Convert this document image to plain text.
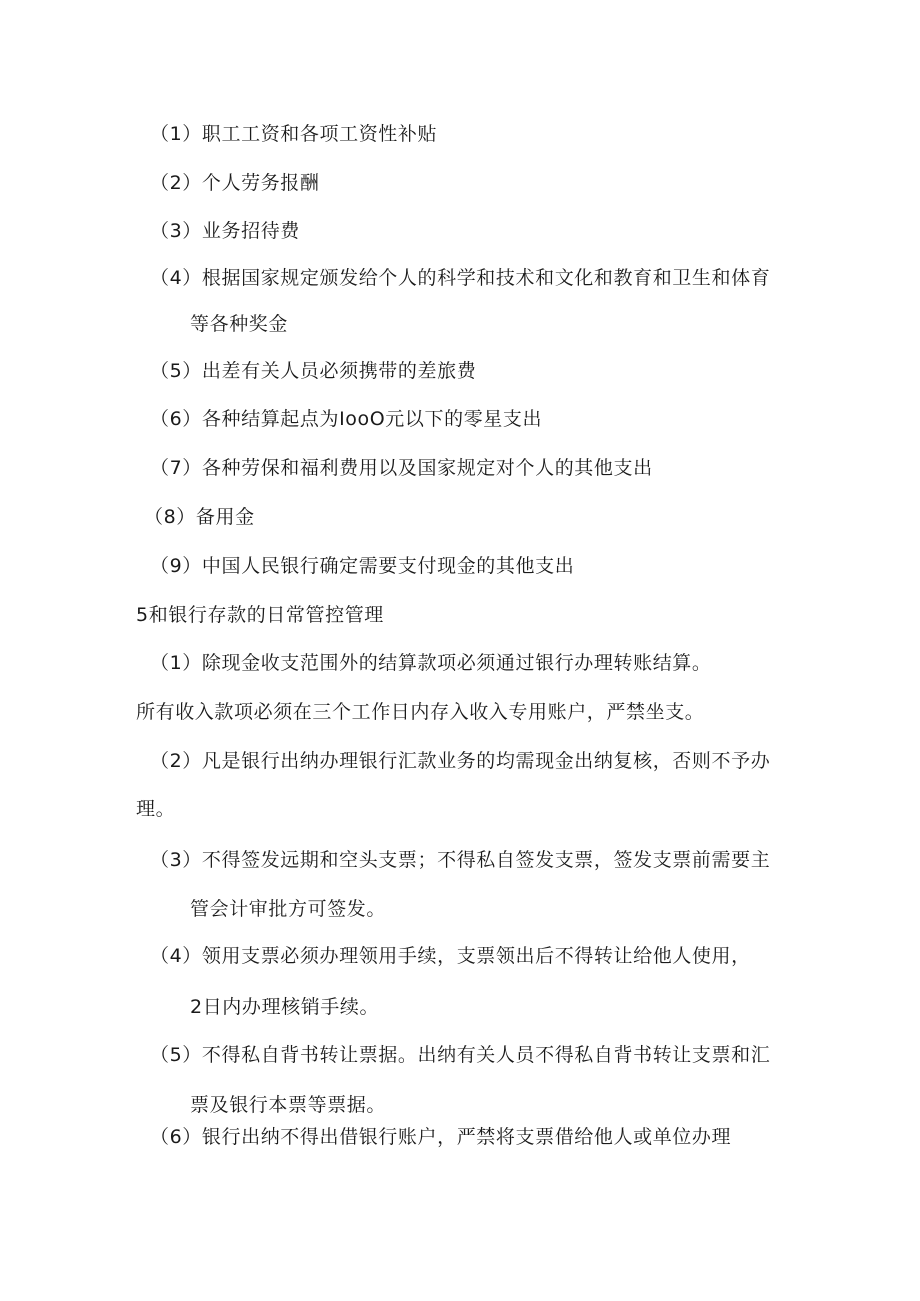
（1）职工工资和各项工资性补贴
（2）个人劳务报酬
（3）业务招待费
（4）根据国家规定颁发给个人的科学和技术和文化和教育和卫生和体育
等各种奖金
（5）出差有关人员必须携带的差旅费
（6）各种结算起点为IooO元以下的零星支出
（7）各种劳保和福利费用以及国家规定对个人的其他支出
（8）备用金
（9）中国人民银行确定需要支付现金的其他支出
5和银行存款的日常管控管理
（1）除现金收支范围外的结算款项必须通过银行办理转账结算。
所有收入款项必须在三个工作日内存入收入专用账户，严禁坐支。
（2）凡是银行出纳办理银行汇款业务的均需现金出纳复核，否则不予办
理。
（3）不得签发远期和空头支票；不得私自签发支票，签发支票前需要主
管会计审批方可签发。
（4）领用支票必须办理领用手续，支票领出后不得转让给他人使用，
2日内办理核销手续。
（5）不得私自背书转让票据。出纳有关人员不得私自背书转让支票和汇
票及银行本票等票据。
（6）银行出纳不得出借银行账户，严禁将支票借给他人或单位办理
